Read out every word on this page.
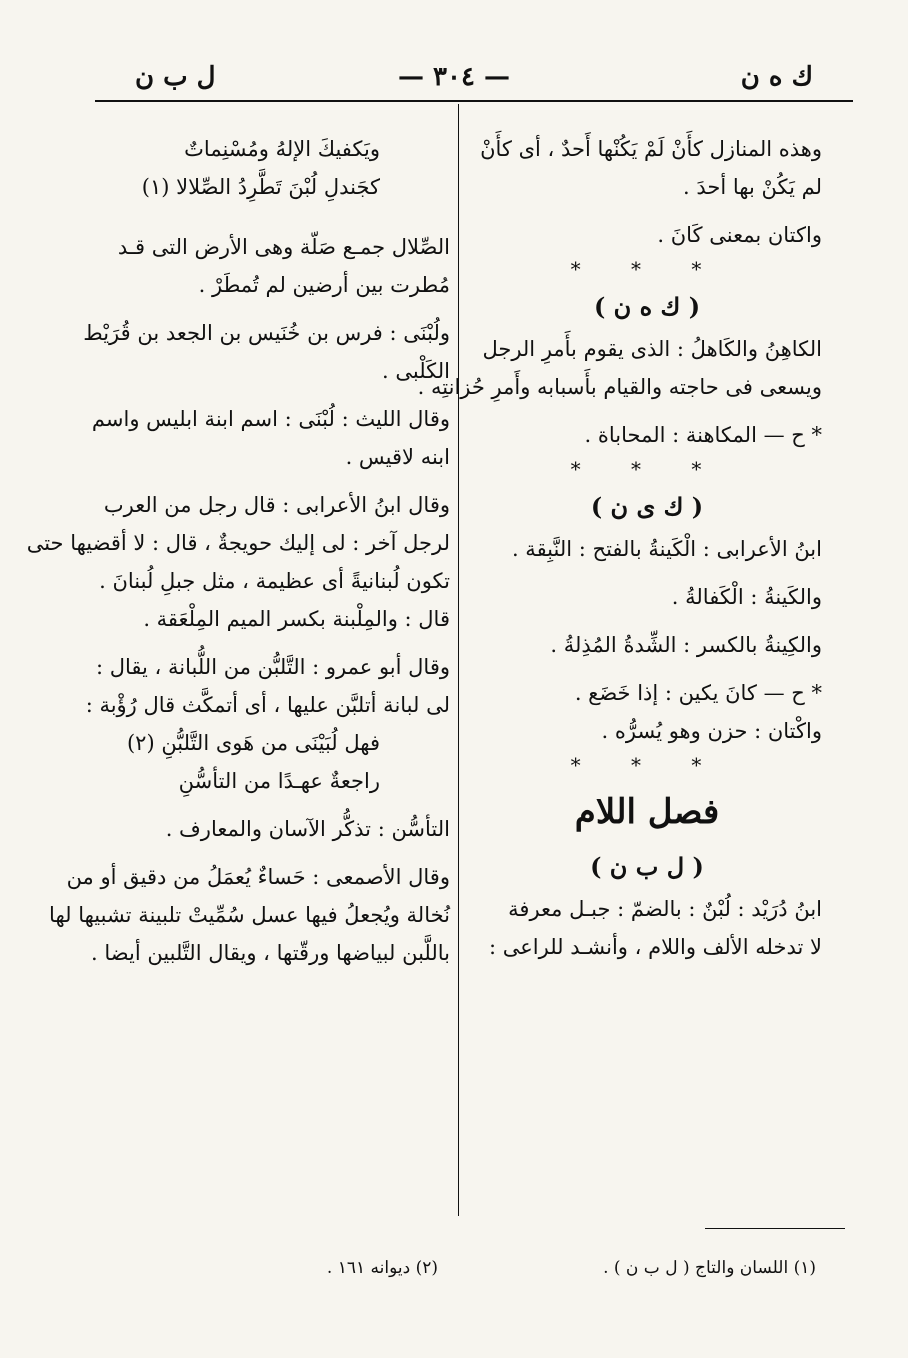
ك ه ن
— ٣٠٤ —
ل ب ن
وهذه المنازل كأَنْ لَمْ يَكُنْها أَحدٌ ، أى كأَنْ
لم يَكُنْ بها أحدَ .
واكتان بمعنى كَانَ .
* * *
( ك ه ن )
الكاهِنُ والكَاهلُ : الذى يقوم بأَمرِ الرجل
ويسعى فى حاجته والقيام بأَسبابه وأَمرِ حُزانتِه .
* ح — المكاهنة : المحاباة .
* * *
( ك ى ن )
ابنُ الأعرابى : الْكَينةُ بالفتح : النَّبِقة .
والكَينةُ : الْكَفالةُ .
والكِينةُ بالكسر : الشِّدةُ المُذِلةُ .
* ح — كانَ يكين : إذا خَضَع .
واكْتان : حزن وهو يُسرُّه .
* * *
فصل اللام
( ل ب ن )
ابنُ دُرَيْد : لُبْنٌ : بالضمّ : جبـل معرفة
لا تدخله الألف واللام ، وأنشـد للراعى :
ويَكفيكَ الإلهُ ومُسْنِماتٌ
كجَندلِ لُبْنَ تَطَّرِدُ الصِّلالا (١)
الصِّلال جمـع صَلّة وهى الأرض التى قـد
مُطرت بين أرضين لم تُمطَرْ .
ولُبْنَى : فرس بن خُنَيس بن الجعد بن قُرَيْط
الكَلْبى .
وقال الليث : لُبْنَى : اسم ابنة ابليس واسم
ابنه لاقيس .
وقال ابنُ الأعرابى : قال رجل من العرب
لرجل آخر : لى إليك حويجةٌ ، قال : لا أقضيها حتى
تكون لُبنانيةً أى عظيمة ، مثل جبلِ لُبنانَ .
قال : والمِلْبنة بكسر الميم المِلْعَقة .
وقال أبو عمرو : التَّلبُّن من اللُّبانة ، يقال :
لى لبانة أتلبَّن عليها ، أى أتمكَّث قال رُؤْبة :
فهل لُبَيْنَى من هَوى التَّلبُّنِ (٢)
راجعةٌ عهـدًا من التأسُّنِ
التأسُّن : تذكُّر الآسان والمعارف .
وقال الأصمعى : حَساءٌ يُعمَلُ من دقيق أو من
نُخالة ويُجعلُ فيها عسل سُمِّيتْ تلبينة تشبيها لها
باللَّبن لبياضها ورقّتها ، ويقال التَّلبين أيضا .
(١) اللسان والتاج ( ل ب ن ) .
(٢) ديوانه ١٦١ .
